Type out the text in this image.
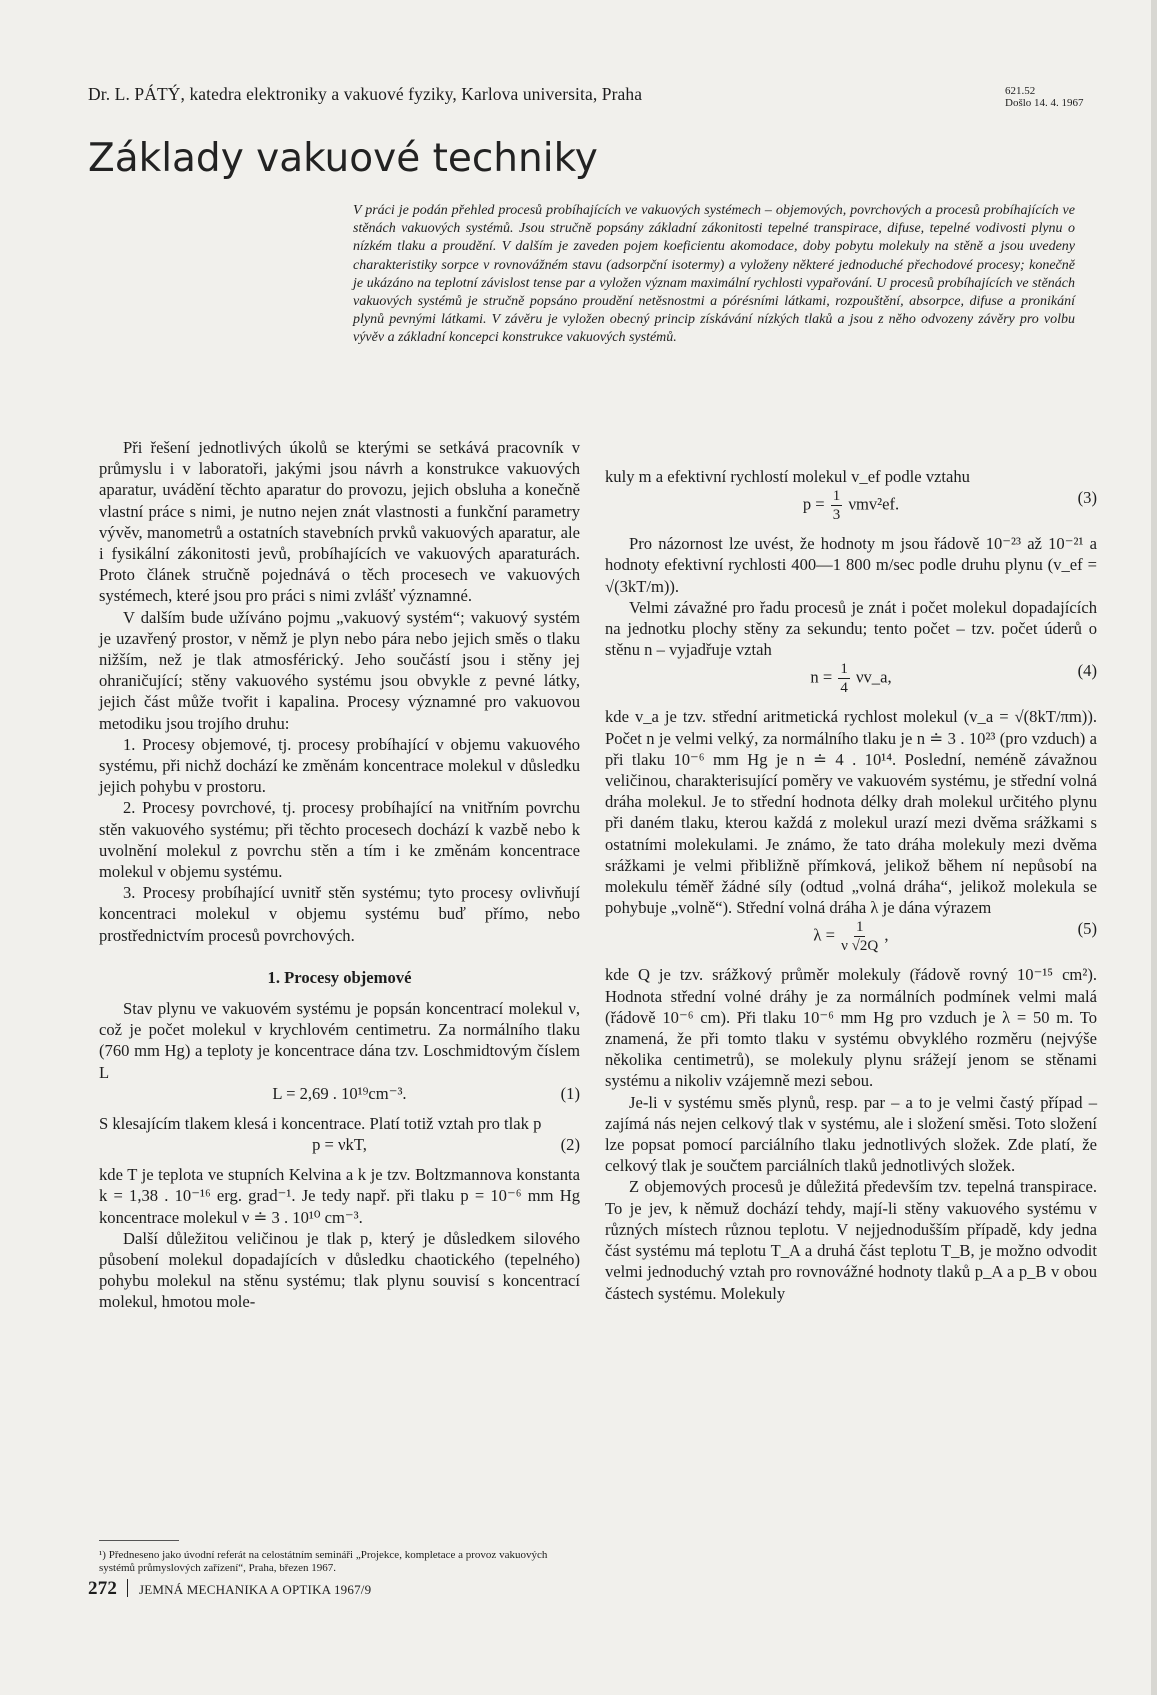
Dr. L. PÁTÝ, katedra elektroniky a vakuové fyziky, Karlova universita, Praha	621.52
Došlo 14. 4. 1967
Základy vakuové techniky
V práci je podán přehled procesů probíhajících ve vakuových systémech – objemových, povrchových a procesů probíhajících ve stěnách vakuových systémů. Jsou stručně popsány základní zákonitosti tepelné transpirace, difuse, tepelné vodivosti plynu o nízkém tlaku a proudění. V dalším je zaveden pojem koeficientu akomodace, doby pobytu molekuly na stěně a jsou uvedeny charakteristiky sorpce v rovnovážném stavu (adsorpční isotermy) a vyloženy některé jednoduché přechodové procesy; konečně je ukázáno na teplotní závislost tense par a vyložen význam maximální rychlosti vypařování. U procesů probíhajících ve stěnách vakuových systémů je stručně popsáno proudění netěsnostmi a pórésními látkami, rozpouštění, absorpce, difuse a pronikání plynů pevnými látkami. V závěru je vyložen obecný princip získávání nízkých tlaků a jsou z něho odvozeny závěry pro volbu vývěv a základní koncepci konstrukce vakuových systémů.

Při řešení jednotlivých úkolů se kterými se setkává pracovník v průmyslu i v laboratoři, jakými jsou návrh a konstrukce vakuových aparatur, uvádění těchto aparatur do provozu, jejich obsluha a konečně vlastní práce s nimi, je nutno nejen znát vlastnosti a funkční parametry vývěv, manometrů a ostatních stavebních prvků vakuových aparatur, ale i fysikální zákonitosti jevů, probíhajících ve vakuových aparaturách. Proto článek stručně pojednává o těch procesech ve vakuových systémech, které jsou pro práci s nimi zvlášť významné.

V dalším bude užíváno pojmu „vakuový systém“; vakuový systém je uzavřený prostor, v němž je plyn nebo pára nebo jejich směs o tlaku nižším, než je tlak atmosférický. Jeho součástí jsou i stěny jej ohraničující; stěny vakuového systému jsou obvykle z pevné látky, jejich část může tvořit i kapalina. Procesy významné pro vakuovou metodiku jsou trojího druhu:

1. Procesy objemové, tj. procesy probíhající v objemu vakuového systému, při nichž dochází ke změnám koncentrace molekul v důsledku jejich pohybu v prostoru.

2. Procesy povrchové, tj. procesy probíhající na vnitřním povrchu stěn vakuového systému; při těchto procesech dochází k vazbě nebo k uvolnění molekul z povrchu stěn a tím i ke změnám koncentrace molekul v objemu systému.

3. Procesy probíhající uvnitř stěn systému; tyto procesy ovlivňují koncentraci molekul v objemu systému buď přímo, nebo prostřednictvím procesů povrchových.

1. Procesy objemové

Stav plynu ve vakuovém systému je popsán koncentrací molekul ν, což je počet molekul v krychlovém centimetru. Za normálního tlaku (760 mm Hg) a teploty je koncentrace dána tzv. Loschmidtovým číslem L

L = 2,69 . 10¹⁹cm⁻³.	(1)

S klesajícím tlakem klesá i koncentrace. Platí totiž vztah pro tlak p

p = νkT,	(2)

kde T je teplota ve stupních Kelvina a k je tzv. Boltzmannova konstanta k = 1,38 . 10⁻¹⁶ erg. grad⁻¹. Je tedy např. při tlaku p = 10⁻⁶ mm Hg koncentrace molekul ν ≐ 3 . 10¹⁰ cm⁻³.

Další důležitou veličinou je tlak p, který je důsledkem silového působení molekul dopadajících v důsledku chaotického (tepelného) pohybu molekul na stěnu systému; tlak plynu souvisí s koncentrací molekul, hmotou mole-

¹) Předneseno jako úvodní referát na celostátním semináři „Projekce, kompletace a provoz vakuových systémů průmyslových zařízení“, Praha, březen 1967.

kuly m a efektivní rychlostí molekul v_ef podle vztahu

$p = \frac{1}{3} \nu mv^2ef$.	(3)

Pro názornost lze uvést, že hodnoty m jsou řádově 10⁻²³ až 10⁻²¹ a hodnoty efektivní rychlosti 400—1 800 m/sec podle druhu plynu (v_ef = √(3kT/m)).

Velmi závažné pro řadu procesů je znát i počet molekul dopadajících na jednotku plochy stěny za sekundu; tento počet – tzv. počet úderů o stěnu n – vyjadřuje vztah

$n = \frac{1}{4}$ νv_a,	(4)

kde v_a je tzv. střední aritmetická rychlost molekul (v_a = √(8kT/πm)). Počet n je velmi velký, za normálního tlaku je n ≐ 3 . 10²³ (pro vzduch) a při tlaku 10⁻⁶ mm Hg je n ≐ 4 . 10¹⁴. Poslední, neméně závažnou veličinou, charakterisující poměry ve vakuovém systému, je střední volná dráha molekul. Je to střední hodnota délky drah molekul určitého plynu při daném tlaku, kterou každá z molekul urazí mezi dvěma srážkami s ostatními molekulami. Je známo, že tato dráha molekuly mezi dvěma srážkami je velmi přibližně přímková, jelikož během ní nepůsobí na molekulu téměř žádné síly (odtud „volná dráha“, jelikož molekula se pohybuje „volně“). Střední volná dráha λ je dána výrazem

$\lambda = \frac{1}{\nu √2Q}$ ,	(5)

kde Q je tzv. srážkový průměr molekuly (řádově rovný 10⁻¹⁵ cm²). Hodnota střední volné dráhy je za normálních podmínek velmi malá (řádově 10⁻⁶ cm). Při tlaku 10⁻⁶ mm Hg pro vzduch je λ = 50 m. To znamená, že při tomto tlaku v systému obvyklého rozměru (nejvýše několika centimetrů), se molekuly plynu srážejí jenom se stěnami systému a nikoliv vzájemně mezi sebou.

Je-li v systému směs plynů, resp. par – a to je velmi častý případ – zajímá nás nejen celkový tlak v systému, ale i složení směsi. Toto složení lze popsat pomocí parciálního tlaku jednotlivých složek. Zde platí, že celkový tlak je součtem parciálních tlaků jednotlivých složek.

Z objemových procesů je důležitá především tzv. tepelná transpirace. To je jev, k němuž dochází tehdy, mají-li stěny vakuového systému v různých místech různou teplotu. V nejjednodušším případě, kdy jedna část systému má teplotu T_A a druhá část teplotu T_B, je možno odvodit velmi jednoduchý vztah pro rovnovážné hodnoty tlaků p_A a p_B v obou částech systému. Molekuly

272 JEMNÁ MECHANIKA A OPTIKA 1967/9
